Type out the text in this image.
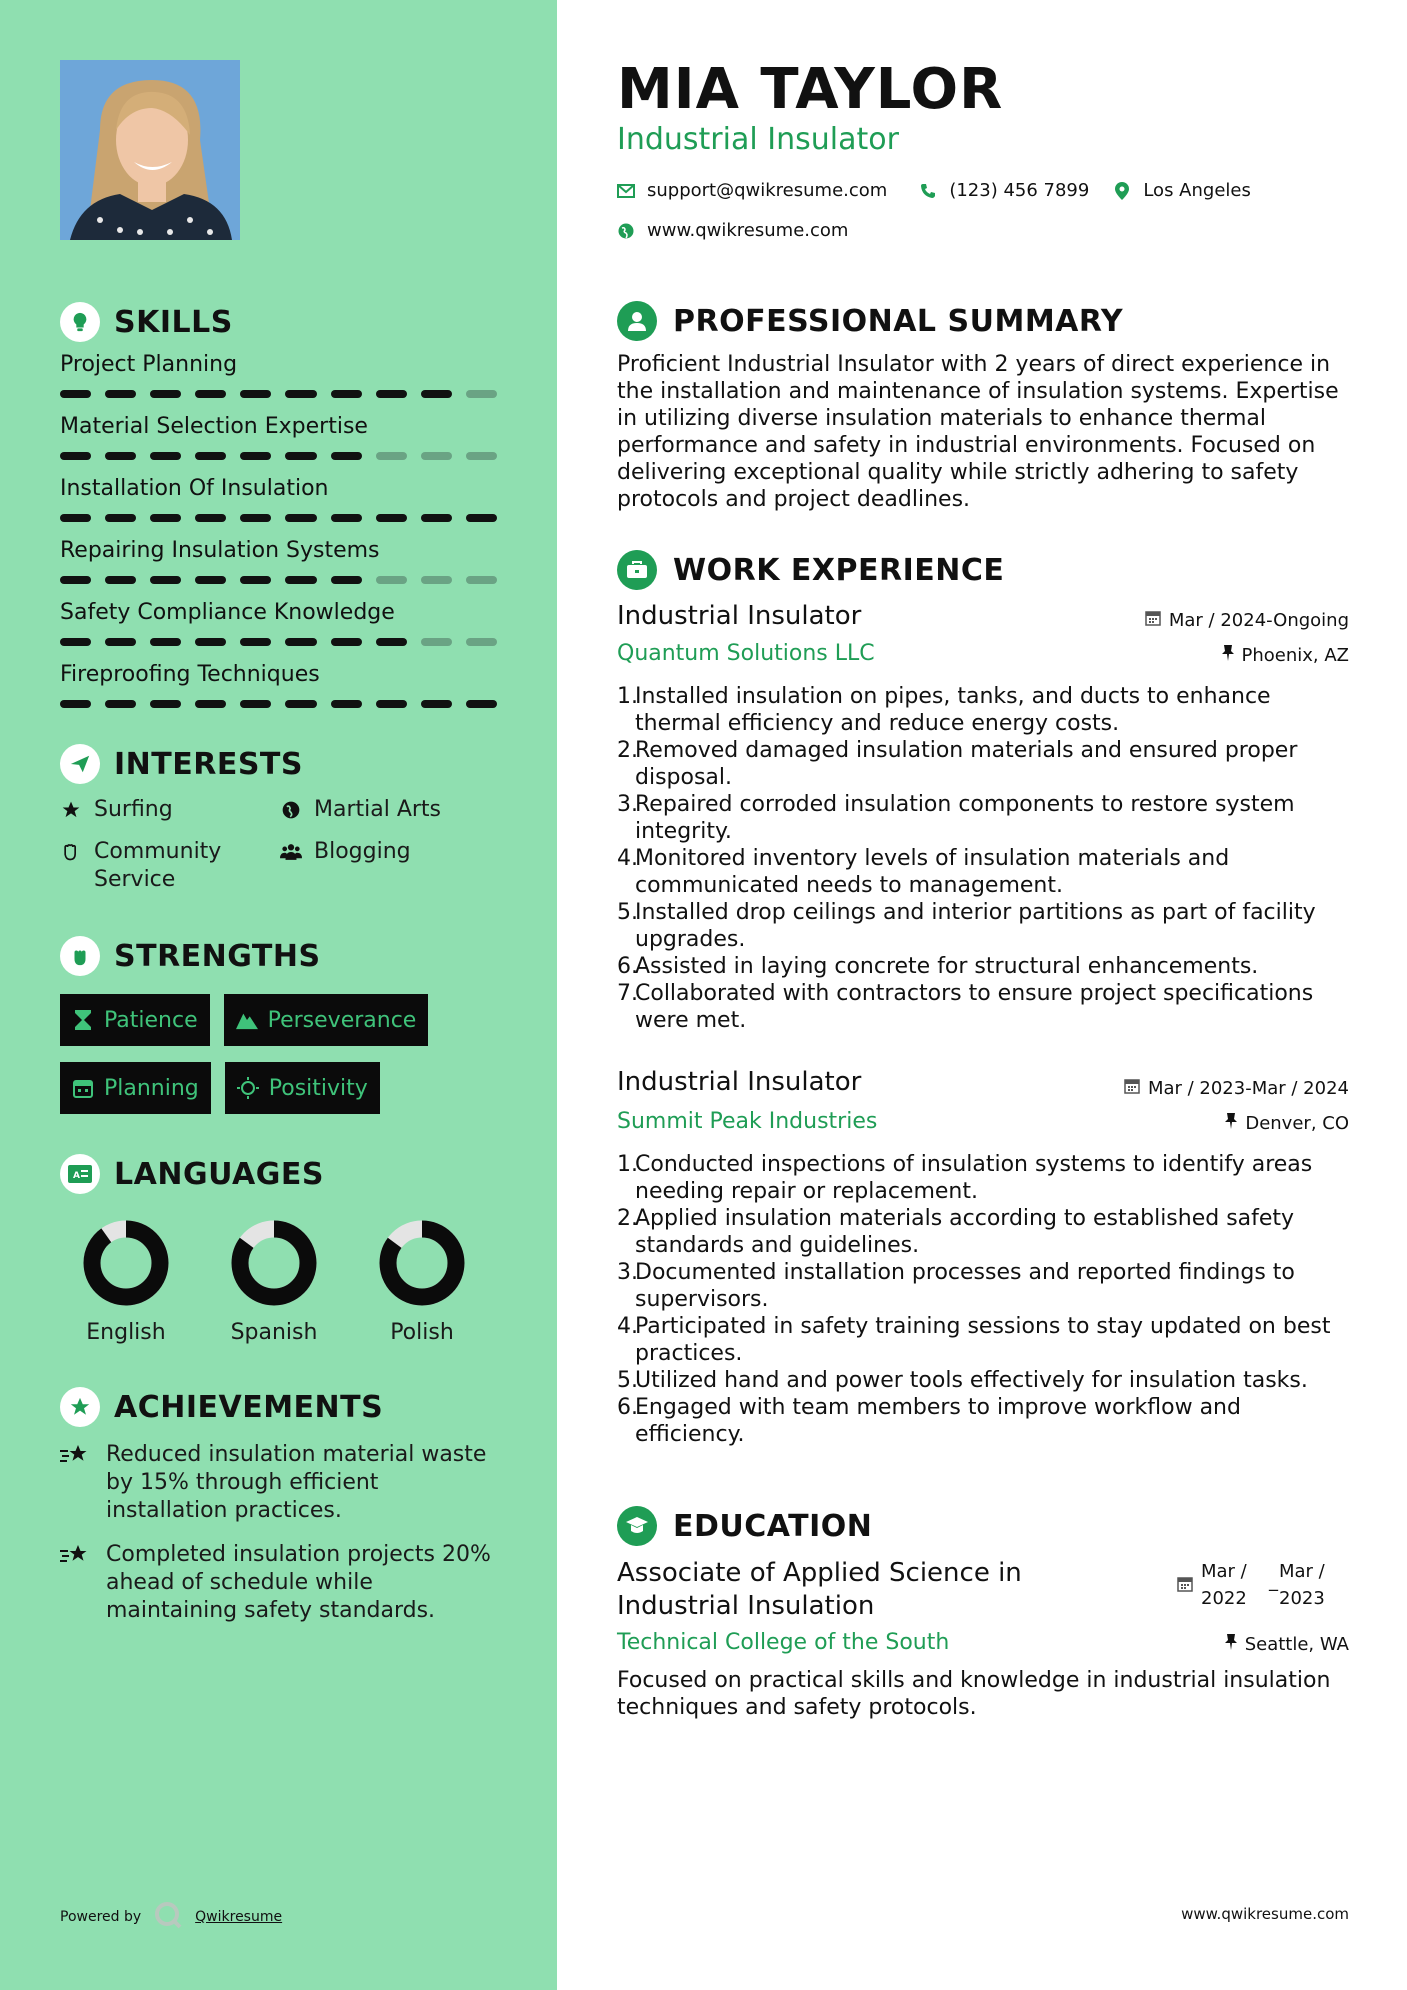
SKILLS
Project Planning
Material Selection Expertise
Installation Of Insulation
Repairing Insulation Systems
Safety Compliance Knowledge
Fireproofing Techniques
INTERESTS
Surfing	Martial Arts
Community Service
Blogging
STRENGTHS
Patience	Perseverance
Planning	Positivity
A LANGUAGES
English	Spanish	Polish
ACHIEVEMENTS
Reduced insulation material waste by 15% through efficient installation practices.
Completed insulation projects 20% ahead of schedule while maintaining safety standards.
Powered by	Qwikresume
MIA TAYLOR
Industrial Insulator
support@qwikresume.com	(123) 456 7899	Los Angeles
www.qwikresume.com
PROFESSIONAL SUMMARY
Proficient Industrial Insulator with 2 years of direct experience in the installation and maintenance of insulation systems. Expertise in utilizing diverse insulation materials to enhance thermal performance and safety in industrial environments. Focused on delivering exceptional quality while strictly adhering to safety protocols and project deadlines.
WORK EXPERIENCE
Industrial Insulator	Mar / 2024-Ongoing
Quantum Solutions LLC	Phoenix, AZ
1.
Installed insulation on pipes, tanks, and ducts to enhance thermal efficiency and reduce energy costs.
2.
Removed damaged insulation materials and ensured proper disposal.
3.
Repaired corroded insulation components to restore system integrity.
4.
Monitored inventory levels of insulation materials and communicated needs to management.
5.
Installed drop ceilings and interior partitions as part of facility upgrades.
6.
Assisted in laying concrete for structural enhancements.
7.
Collaborated with contractors to ensure project specifications were met.
Industrial Insulator	Mar / 2023-Mar / 2024
Summit Peak Industries	Denver, CO
1.
Conducted inspections of insulation systems to identify areas needing repair or replacement.
2.
Applied insulation materials according to established safety standards and guidelines.
3.
Documented installation processes and reported findings to supervisors.
4.
Participated in safety training sessions to stay updated on best practices.
5.
Utilized hand and power tools effectively for insulation tasks.
6.
Engaged with team members to improve workflow and efficiency.
EDUCATION
Associate of Applied Science in
Industrial Insulation
Mar /
2022
_ Mar /
2023
Technical College of the South	Seattle, WA
Focused on practical skills and knowledge in industrial insulation techniques and safety protocols.
www.qwikresume.com
